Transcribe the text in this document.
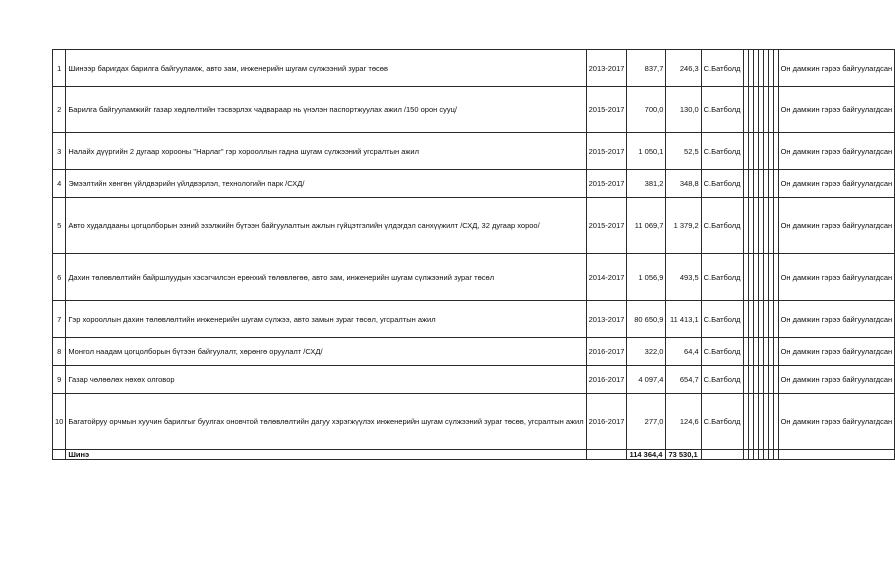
1	Шинээр баригдах барилга байгууламж, авто зам, инженерийн шугам сүлжээний зураг төсөв	2013-2017	837,7	246,3	С.Батболд								Он дамжин гэрээ байгуулагдсан
2	Барилга байгууламжийг газар хөдлөлтийн тэсвэрлэх чадвараар нь үнэлэн паспортжуулах ажил /150 орон сууц/	2015-2017	700,0	130,0	С.Батболд								Он дамжин гэрээ байгуулагдсан
3	Налайх дүүргийн 2 дугаар хорооны "Нарлаг" гэр хорооллын гадна шугам сүлжээний угсралтын ажил	2015-2017	1 050,1	52,5	С.Батболд								Он дамжин гэрээ байгуулагдсан
4	Эмээлтийн хөнгөн үйлдвэрийн үйлдвэрлэл, технологийн парк /СХД/	2015-2017	381,2	348,8	С.Батболд								Он дамжин гэрээ байгуулагдсан
5	Авто худалдааны цогцолборын эзний эзэлжийн бүтээн байгуулалтын ажлын гүйцэтгэлийн үлдэгдэл санхүүжилт /СХД, 32 дугаар хороо/	2015-2017	11 069,7	1 379,2	С.Батболд								Он дамжин гэрээ байгуулагдсан
6	Дахин төлөвлөлтийн байршлуудын хэсэгчилсэн ерөнхий төлөвлөгөө, авто зам, инженерийн шугам сүлжээний зураг төсөл	2014-2017	1 056,9	493,5	С.Батболд								Он дамжин гэрээ байгуулагдсан
7	Гэр хорооллын дахин төлөвлөлтийн инженерийн шугам сүлжээ, авто замын зураг төсөл, угсралтын ажил	2013-2017	80 650,9	11 413,1	С.Батболд								Он дамжин гэрээ байгуулагдсан
8	Монгол наадам цогцолборын бүтээн байгуулалт, хөрөнгө оруулалт /СХД/	2016-2017	322,0	64,4	С.Батболд								Он дамжин гэрээ байгуулагдсан
9	Газар чөлөөлөх нөхөх олговор	2016-2017	4 097,4	654,7	С.Батболд								Он дамжин гэрээ байгуулагдсан
10	Багатойруу орчмын хуучин барилгыг буулгах оновчтой төлөвлөлтийн дагуу хэрэгжүүлэх инженерийн шугам сүлжээний зураг төсөв, угсралтын ажил	2016-2017	277,0	124,6	С.Батболд								Он дамжин гэрээ байгуулагдсан
	Шинэ		114 364,4	73 530,1									
